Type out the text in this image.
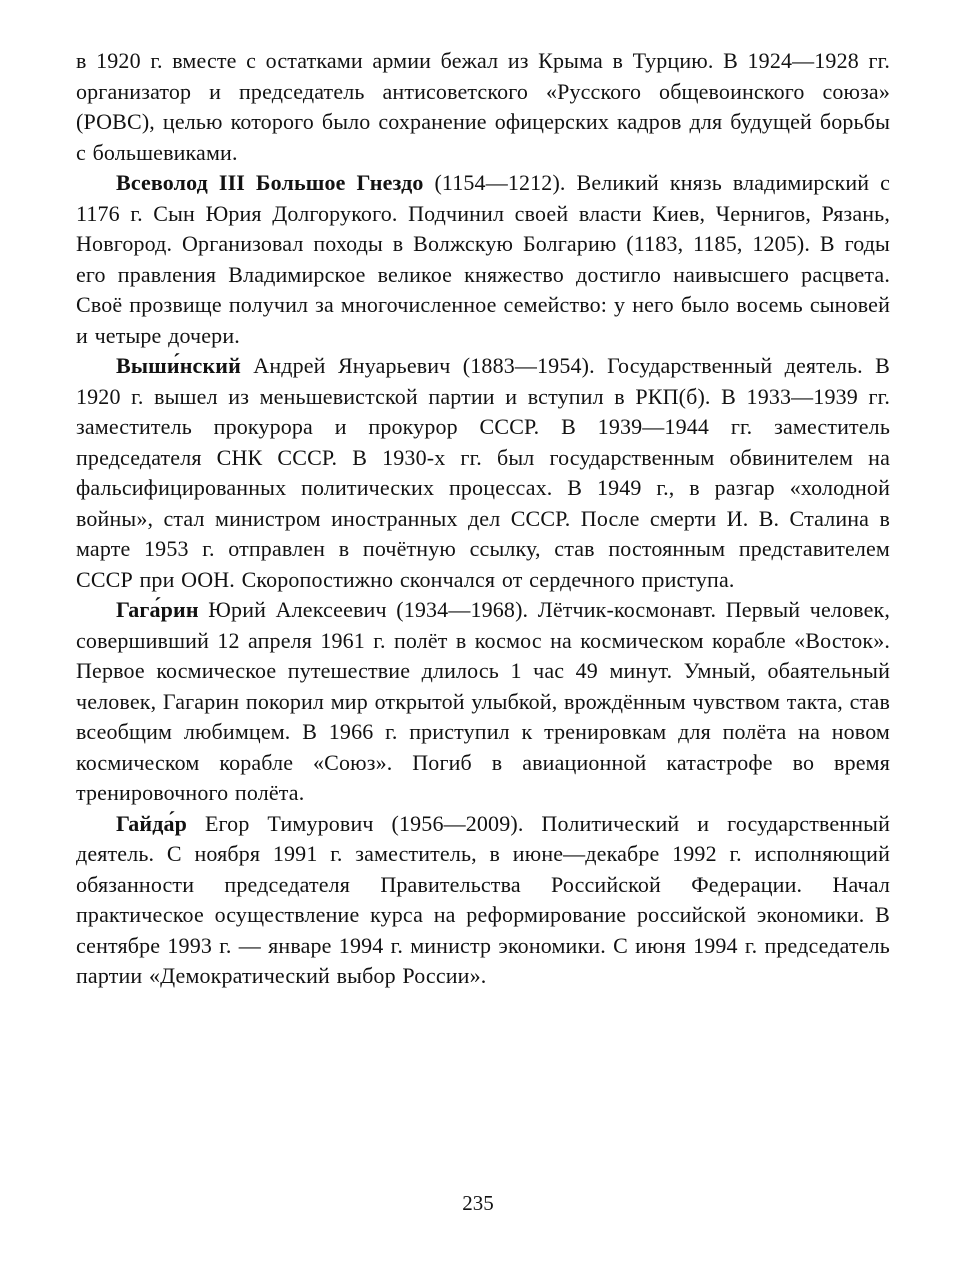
в 1920 г. вместе с остатками армии бежал из Крыма в Турцию. В 1924—1928 гг. организатор и председатель антисоветского «Русского общевоинского союза» (РОВС), целью которого было сохранение офицерских кадров для будущей борьбы с большевиками.

Всеволод III Большое Гнездо (1154—1212). Великий князь владимирский с 1176 г. Сын Юрия Долгорукого. Подчинил своей власти Киев, Чернигов, Рязань, Новгород. Организовал походы в Волжскую Болгарию (1183, 1185, 1205). В годы его правления Владимирское великое княжество достигло наивысшего расцвета. Своё прозвище получил за многочисленное семейство: у него было восемь сыновей и четыре дочери.

Выши́нский Андрей Януарьевич (1883—1954). Государственный деятель. В 1920 г. вышел из меньшевистской партии и вступил в РКП(б). В 1933—1939 гг. заместитель прокурора и прокурор СССР. В 1939—1944 гг. заместитель председателя СНК СССР. В 1930-х гг. был государственным обвинителем на фальсифицированных политических процессах. В 1949 г., в разгар «холодной войны», стал министром иностранных дел СССР. После смерти И. В. Сталина в марте 1953 г. отправлен в почётную ссылку, став постоянным представителем СССР при ООН. Скоропостижно скончался от сердечного приступа.

Гага́рин Юрий Алексеевич (1934—1968). Лётчик-космонавт. Первый человек, совершивший 12 апреля 1961 г. полёт в космос на космическом корабле «Восток». Первое космическое путешествие длилось 1 час 49 минут. Умный, обаятельный человек, Гагарин покорил мир открытой улыбкой, врождённым чувством такта, став всеобщим любимцем. В 1966 г. приступил к тренировкам для полёта на новом космическом корабле «Союз». Погиб в авиационной катастрофе во время тренировочного полёта.

Гайда́р Егор Тимурович (1956—2009). Политический и государственный деятель. С ноября 1991 г. заместитель, в июне—декабре 1992 г. исполняющий обязанности председателя Правительства Российской Федерации. Начал практическое осуществление курса на реформирование российской экономики. В сентябре 1993 г. — январе 1994 г. министр экономики. С июня 1994 г. председатель партии «Демократический выбор России».

235
